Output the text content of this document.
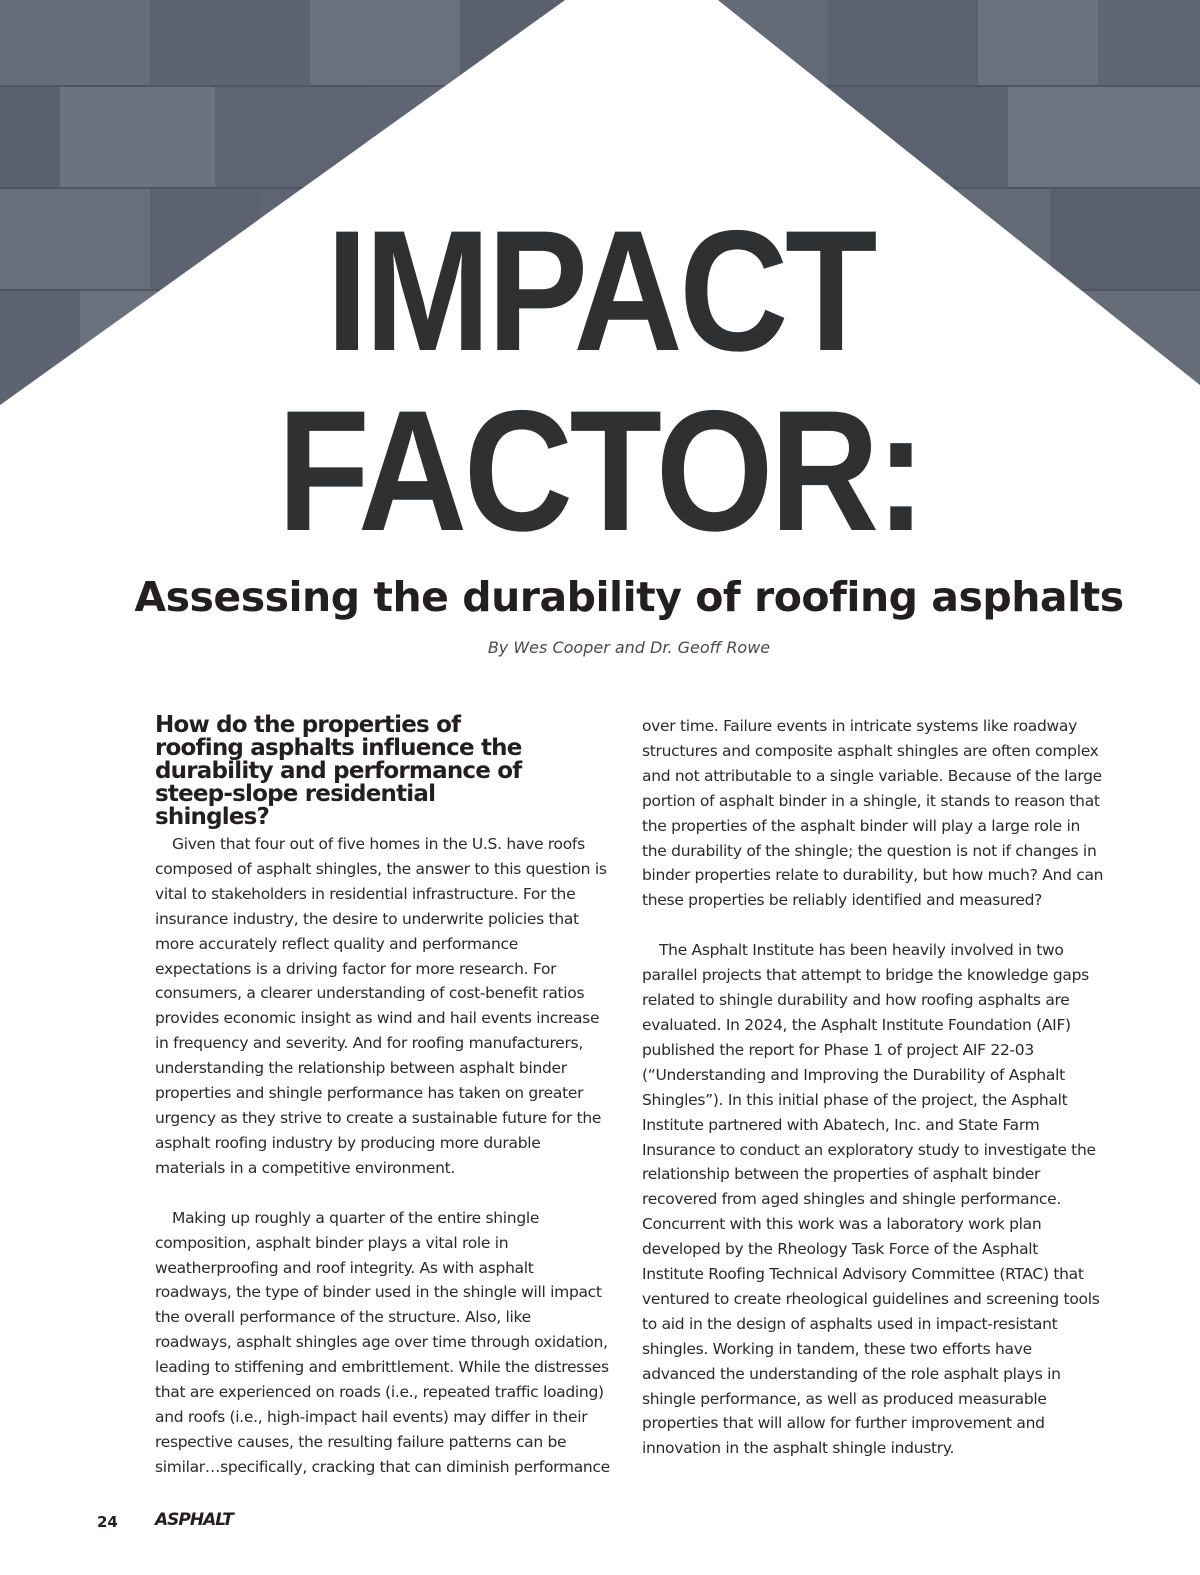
IMPACT
FACTOR:
Assessing the durability of roofing asphalts
By Wes Cooper and Dr. Geoff Rowe
How do the properties of roofing asphalts influence the durability and performance of steep-slope residential shingles?

Given that four out of five homes in the U.S. have roofs composed of asphalt shingles, the answer to this question is vital to stakeholders in residential infrastructure. For the insurance industry, the desire to underwrite policies that more accurately reflect quality and performance expectations is a driving factor for more research. For consumers, a clearer understanding of cost-benefit ratios provides economic insight as wind and hail events increase in frequency and severity. And for roofing manufacturers, understanding the relationship between asphalt binder properties and shingle performance has taken on greater urgency as they strive to create a sustainable future for the asphalt roofing industry by producing more durable materials in a competitive environment.

Making up roughly a quarter of the entire shingle composition, asphalt binder plays a vital role in weatherproofing and roof integrity. As with asphalt roadways, the type of binder used in the shingle will impact the overall performance of the structure. Also, like roadways, asphalt shingles age over time through oxidation, leading to stiffening and embrittlement. While the distresses that are experienced on roads (i.e., repeated traffic loading) and roofs (i.e., high-impact hail events) may differ in their respective causes, the resulting failure patterns can be similar…specifically, cracking that can diminish performance

over time. Failure events in intricate systems like roadway structures and composite asphalt shingles are often complex and not attributable to a single variable. Because of the large portion of asphalt binder in a shingle, it stands to reason that the properties of the asphalt binder will play a large role in the durability of the shingle; the question is not if changes in binder properties relate to durability, but how much? And can these properties be reliably identified and measured?

The Asphalt Institute has been heavily involved in two parallel projects that attempt to bridge the knowledge gaps related to shingle durability and how roofing asphalts are evaluated. In 2024, the Asphalt Institute Foundation (AIF) published the report for Phase 1 of project AIF 22-03 (“Understanding and Improving the Durability of Asphalt Shingles”). In this initial phase of the project, the Asphalt Institute partnered with Abatech, Inc. and State Farm Insurance to conduct an exploratory study to investigate the relationship between the properties of asphalt binder recovered from aged shingles and shingle performance. Concurrent with this work was a laboratory work plan developed by the Rheology Task Force of the Asphalt Institute Roofing Technical Advisory Committee (RTAC) that ventured to create rheological guidelines and screening tools to aid in the design of asphalts used in impact-resistant shingles. Working in tandem, these two efforts have advanced the understanding of the role asphalt plays in shingle performance, as well as produced measurable properties that will allow for further improvement and innovation in the asphalt shingle industry.

24 ASPHALT
